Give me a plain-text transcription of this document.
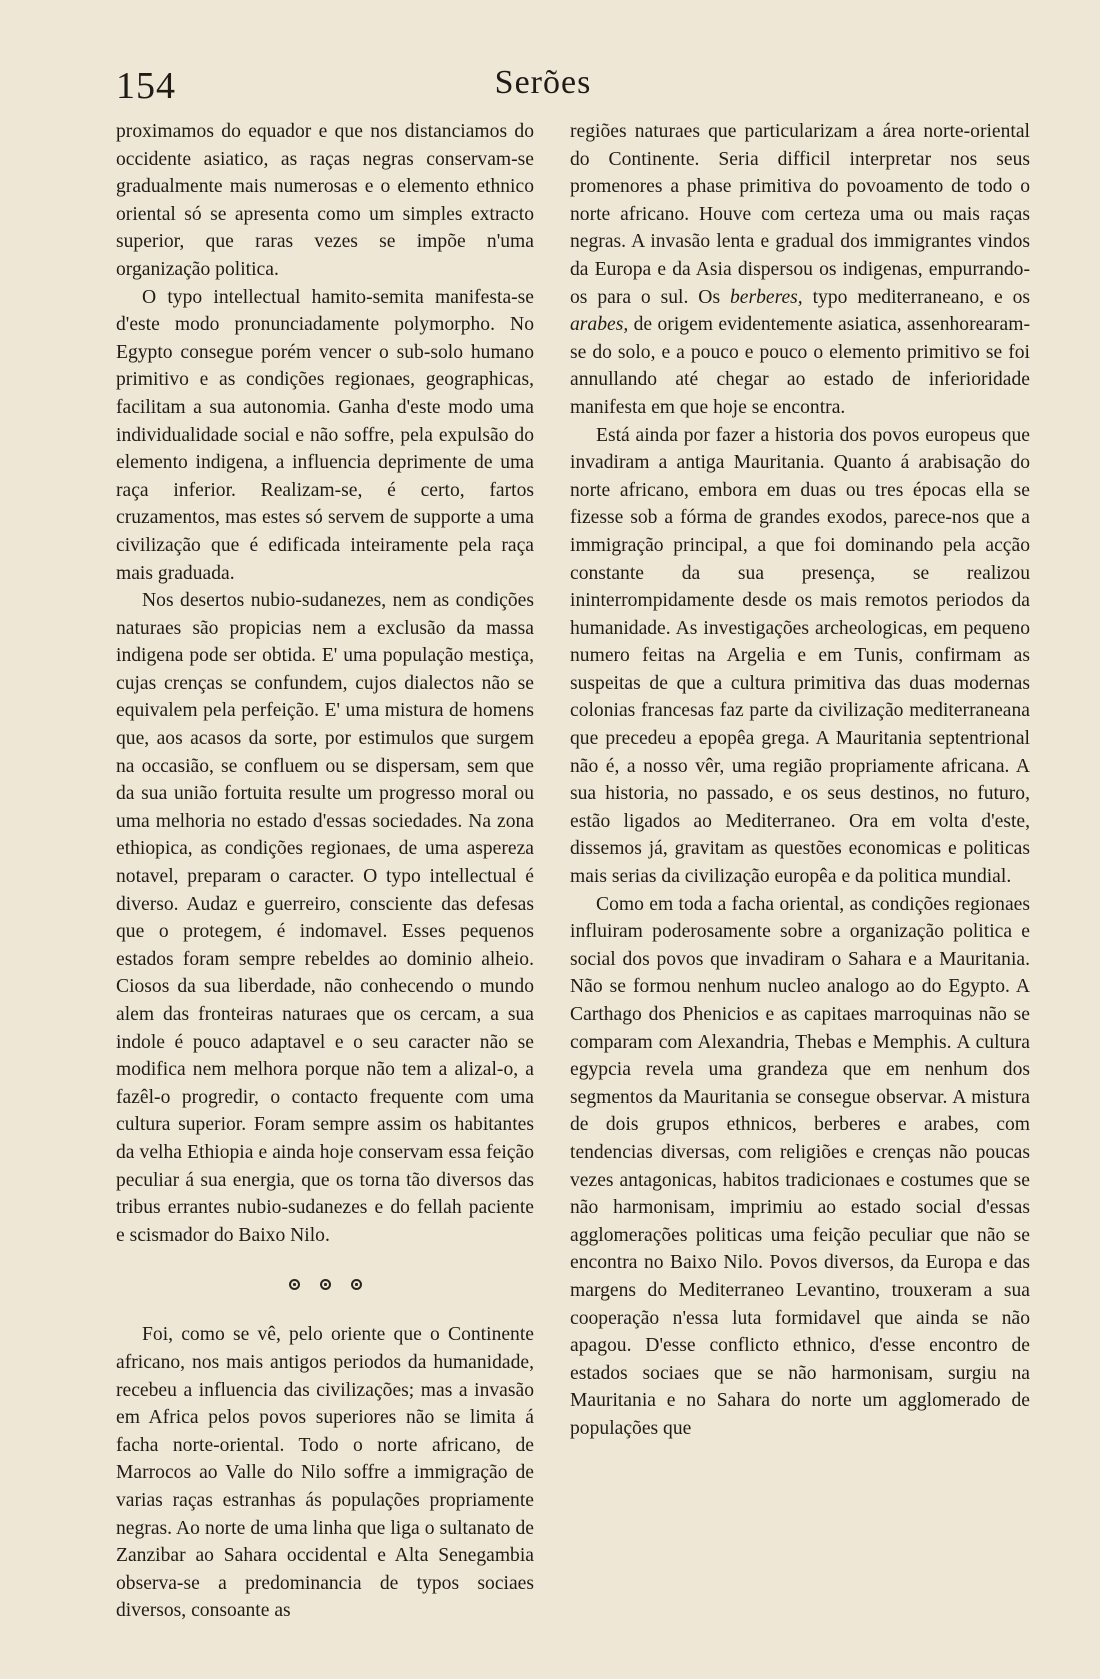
154	Serões

proximamos do equador e que nos distanciamos do occidente asiatico, as raças negras conservam-se gradualmente mais numerosas e o elemento ethnico oriental só se apresenta como um simples extracto superior, que raras vezes se impõe n'uma organização politica.

O typo intellectual hamito-semita manifesta-se d'este modo pronunciadamente polymorpho. No Egypto consegue porém vencer o sub-solo humano primitivo e as condições regionaes, geographicas, facilitam a sua autonomia. Ganha d'este modo uma individualidade social e não soffre, pela expulsão do elemento indigena, a influencia deprimente de uma raça inferior. Realizam-se, é certo, fartos cruzamentos, mas estes só servem de supporte a uma civilização que é edificada inteiramente pela raça mais graduada.

Nos desertos nubio-sudanezes, nem as condições naturaes são propicias nem a exclusão da massa indigena pode ser obtida. E' uma população mestiça, cujas crenças se confundem, cujos dialectos não se equivalem pela perfeição. E' uma mistura de homens que, aos acasos da sorte, por estimulos que surgem na occasião, se confluem ou se dispersam, sem que da sua união fortuita resulte um progresso moral ou uma melhoria no estado d'essas sociedades. Na zona ethiopica, as condições regionaes, de uma aspereza notavel, preparam o caracter. O typo intellectual é diverso. Audaz e guerreiro, consciente das defesas que o protegem, é indomavel. Esses pequenos estados foram sempre rebeldes ao dominio alheio. Ciosos da sua liberdade, não conhecendo o mundo alem das fronteiras naturaes que os cercam, a sua indole é pouco adaptavel e o seu caracter não se modifica nem melhora porque não tem a alizal-o, a fazêl-o progredir, o contacto frequente com uma cultura superior. Foram sempre assim os habitantes da velha Ethiopia e ainda hoje conservam essa feição peculiar á sua energia, que os torna tão diversos das tribus errantes nubio-sudanezes e do fellah paciente e scismador do Baixo Nilo.

Foi, como se vê, pelo oriente que o Continente africano, nos mais antigos periodos da humanidade, recebeu a influencia das civilizações; mas a invasão em Africa pelos povos superiores não se limita á facha norte-oriental. Todo o norte africano, de Marrocos ao Valle do Nilo soffre a immigração de varias raças estranhas ás populações propriamente negras. Ao norte de uma linha que liga o sultanato de Zanzibar ao Sahara occidental e Alta Senegambia observa-se a predominancia de typos sociaes diversos, consoante as

regiões naturaes que particularizam a área norte-oriental do Continente. Seria difficil interpretar nos seus promenores a phase primitiva do povoamento de todo o norte africano. Houve com certeza uma ou mais raças negras. A invasão lenta e gradual dos immigrantes vindos da Europa e da Asia dispersou os indigenas, empurrando-os para o sul. Os berberes, typo mediterraneano, e os arabes, de origem evidentemente asiatica, assenhorearam-se do solo, e a pouco e pouco o elemento primitivo se foi annullando até chegar ao estado de inferioridade manifesta em que hoje se encontra.

Está ainda por fazer a historia dos povos europeus que invadiram a antiga Mauritania. Quanto á arabisação do norte africano, embora em duas ou tres épocas ella se fizesse sob a fórma de grandes exodos, parece-nos que a immigração principal, a que foi dominando pela acção constante da sua presença, se realizou ininterrompidamente desde os mais remotos periodos da humanidade. As investigações archeologicas, em pequeno numero feitas na Argelia e em Tunis, confirmam as suspeitas de que a cultura primitiva das duas modernas colonias francesas faz parte da civilização mediterraneana que precedeu a epopêa grega. A Mauritania septentrional não é, a nosso vêr, uma região propriamente africana. A sua historia, no passado, e os seus destinos, no futuro, estão ligados ao Mediterraneo. Ora em volta d'este, dissemos já, gravitam as questões economicas e politicas mais serias da civilização europêa e da politica mundial.

Como em toda a facha oriental, as condições regionaes influiram poderosamente sobre a organização politica e social dos povos que invadiram o Sahara e a Mauritania. Não se formou nenhum nucleo analogo ao do Egypto. A Carthago dos Phenicios e as capitaes marroquinas não se comparam com Alexandria, Thebas e Memphis. A cultura egypcia revela uma grandeza que em nenhum dos segmentos da Mauritania se consegue observar. A mistura de dois grupos ethnicos, berberes e arabes, com tendencias diversas, com religiões e crenças não poucas vezes antagonicas, habitos tradicionaes e costumes que se não harmonisam, imprimiu ao estado social d'essas agglomerações politicas uma feição peculiar que não se encontra no Baixo Nilo. Povos diversos, da Europa e das margens do Mediterraneo Levantino, trouxeram a sua cooperação n'essa luta formidavel que ainda se não apagou. D'esse conflicto ethnico, d'esse encontro de estados sociaes que se não harmonisam, surgiu na Mauritania e no Sahara do norte um agglomerado de populações que
